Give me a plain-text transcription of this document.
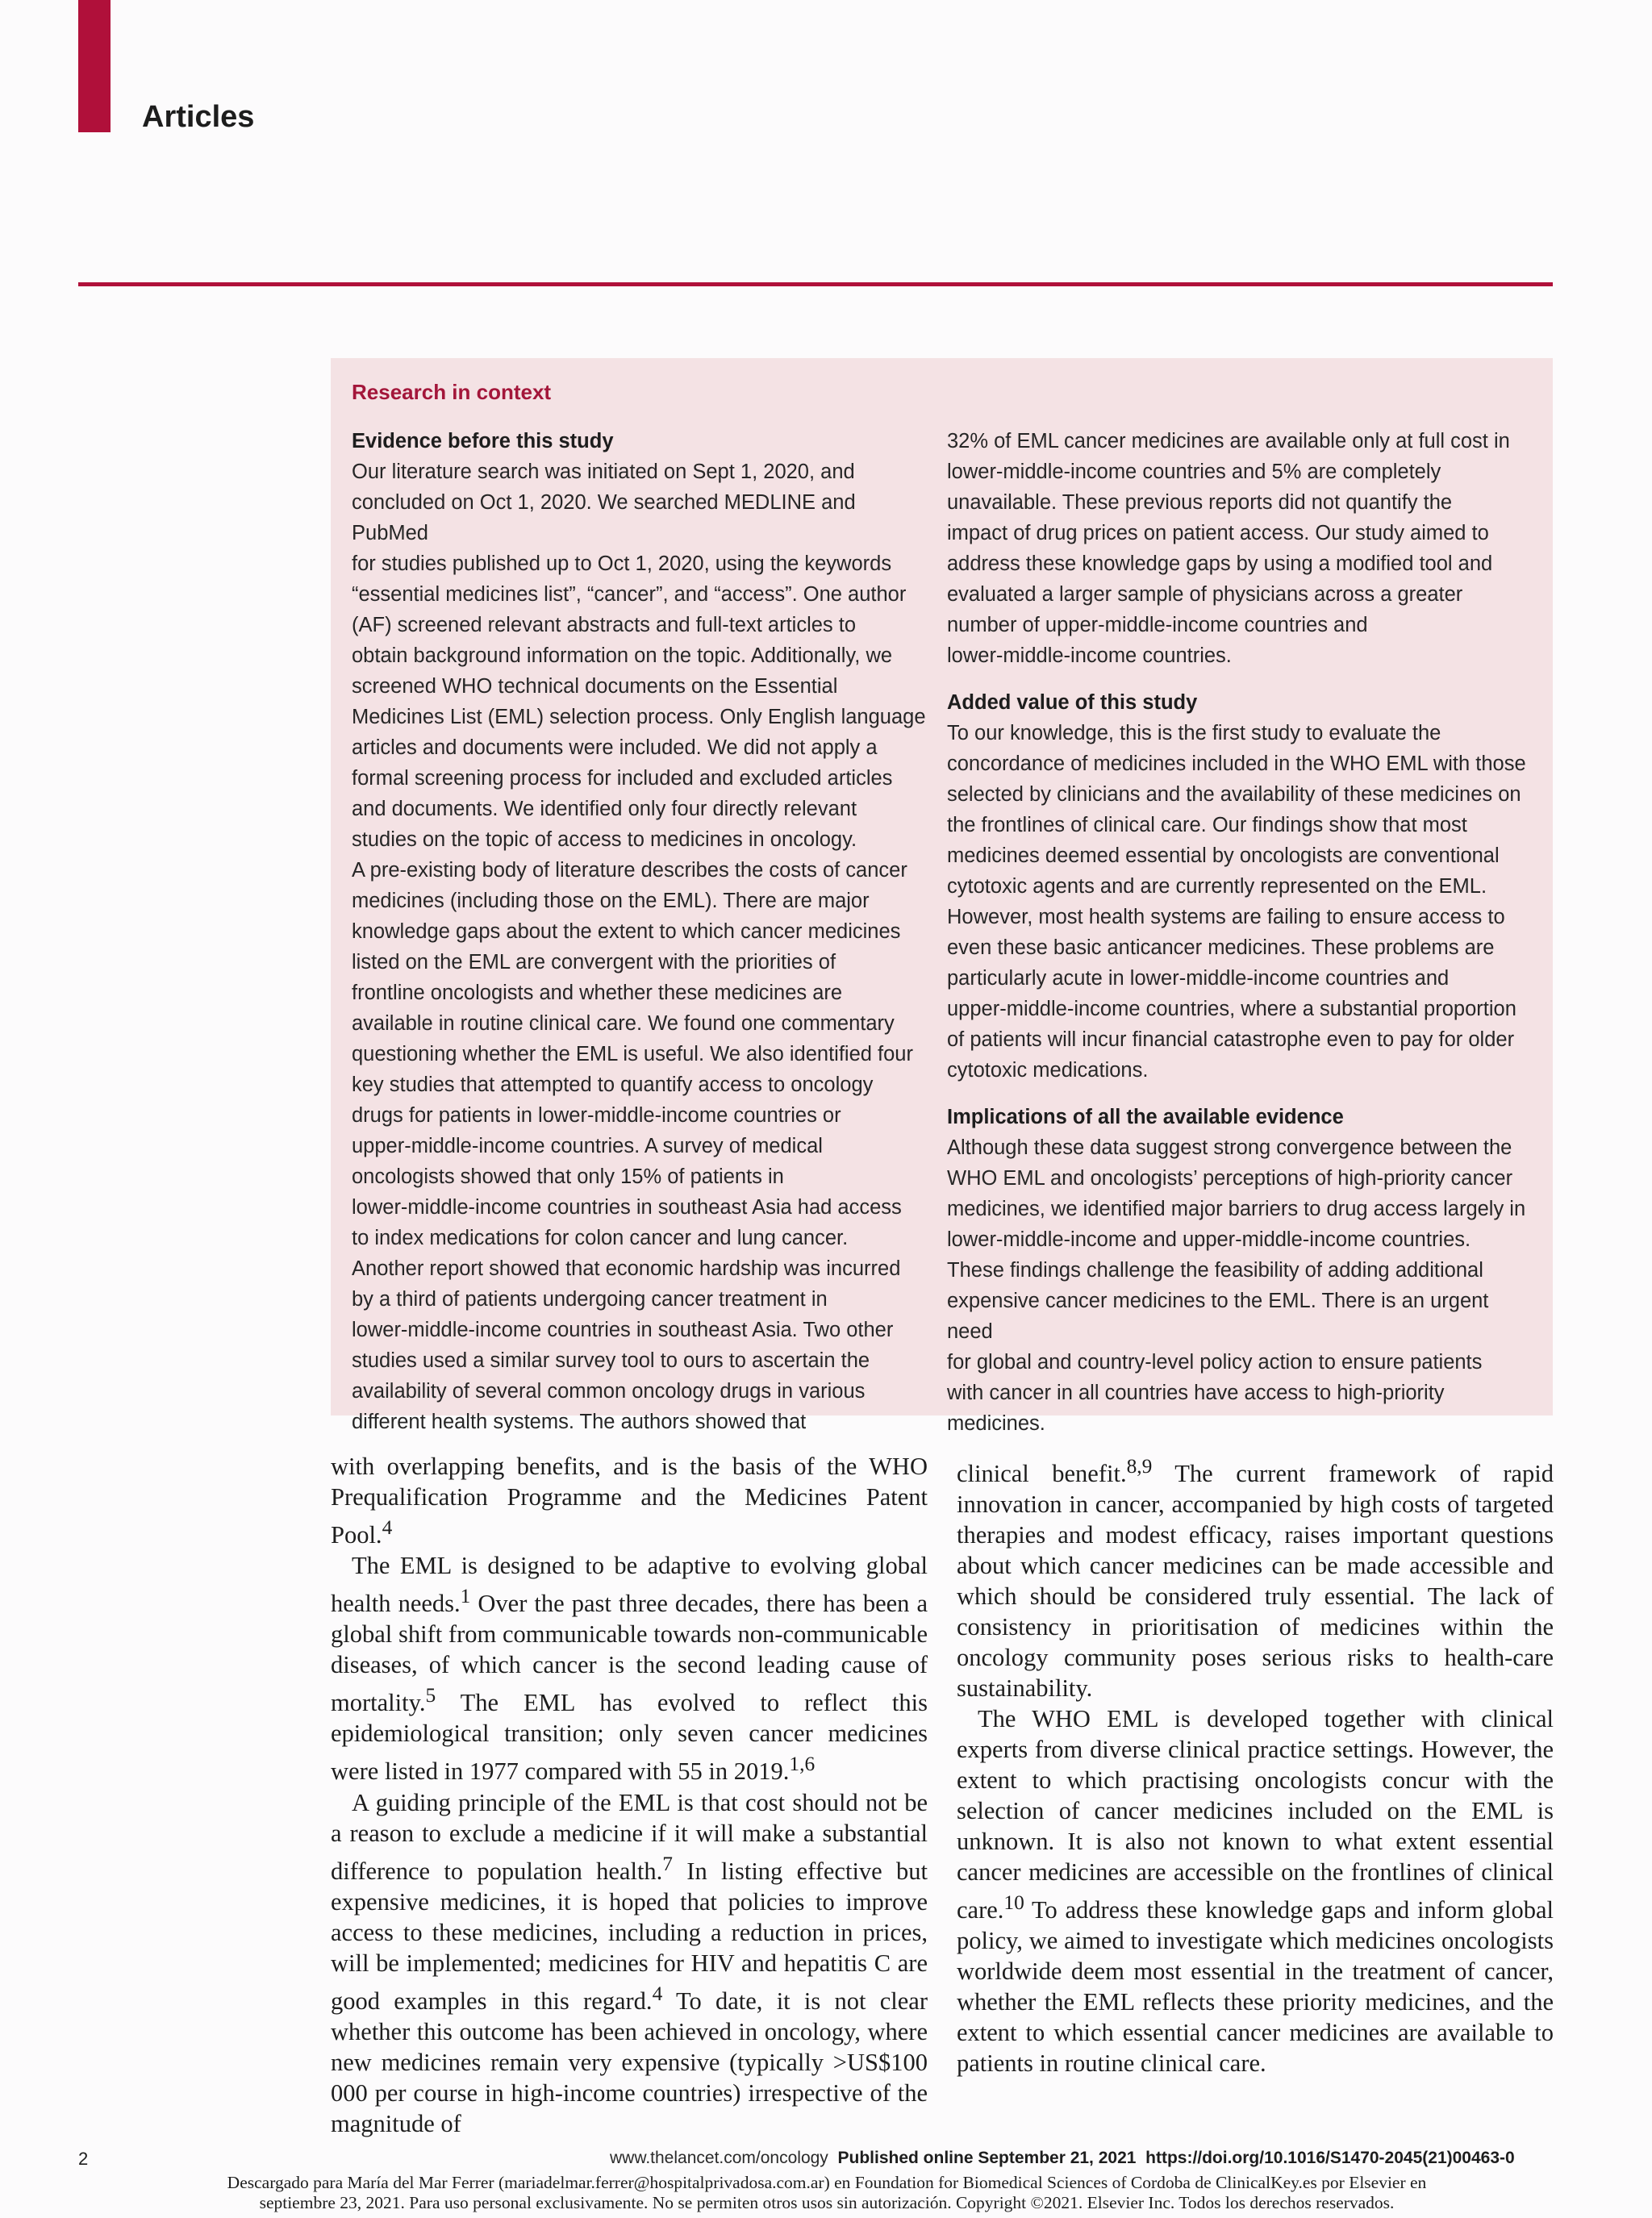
Articles
Research in context
Evidence before this study

Our literature search was initiated on Sept 1, 2020, and

concluded on Oct 1, 2020. We searched MEDLINE and PubMed

for studies published up to Oct 1, 2020, using the keywords

“essential medicines list”, “cancer”, and “access”. One author

(AF) screened relevant abstracts and full-text articles to

obtain background information on the topic. Additionally, we

screened WHO technical documents on the Essential

Medicines List (EML) selection process. Only English language

articles and documents were included. We did not apply a

formal screening process for included and excluded articles

and documents. We identified only four directly relevant

studies on the topic of access to medicines in oncology.

A pre-existing body of literature describes the costs of cancer

medicines (including those on the EML). There are major

knowledge gaps about the extent to which cancer medicines

listed on the EML are convergent with the priorities of

frontline oncologists and whether these medicines are

available in routine clinical care. We found one commentary

questioning whether the EML is useful. We also identified four

key studies that attempted to quantify access to oncology

drugs for patients in lower-middle-income countries or

upper-middle-income countries. A survey of medical

oncologists showed that only 15% of patients in

lower-middle-income countries in southeast Asia had access

to index medications for colon cancer and lung cancer.

Another report showed that economic hardship was incurred

by a third of patients undergoing cancer treatment in

lower-middle-income countries in southeast Asia. Two other

studies used a similar survey tool to ours to ascertain the

availability of several common oncology drugs in various

different health systems. The authors showed that

32% of EML cancer medicines are available only at full cost in

lower-middle-income countries and 5% are completely

unavailable. These previous reports did not quantify the

impact of drug prices on patient access. Our study aimed to

address these knowledge gaps by using a modified tool and

evaluated a larger sample of physicians across a greater

number of upper-middle-income countries and

lower-middle-income countries.

Added value of this study

To our knowledge, this is the first study to evaluate the

concordance of medicines included in the WHO EML with those

selected by clinicians and the availability of these medicines on

the frontlines of clinical care. Our findings show that most

medicines deemed essential by oncologists are conventional

cytotoxic agents and are currently represented on the EML.

However, most health systems are failing to ensure access to

even these basic anticancer medicines. These problems are

particularly acute in lower-middle-income countries and

upper-middle-income countries, where a substantial proportion

of patients will incur financial catastrophe even to pay for older

cytotoxic medications.

Implications of all the available evidence

Although these data suggest strong convergence between the

WHO EML and oncologists’ perceptions of high-priority cancer

medicines, we identified major barriers to drug access largely in

lower-middle-income and upper-middle-income countries.

These findings challenge the feasibility of adding additional

expensive cancer medicines to the EML. There is an urgent need

for global and country-level policy action to ensure patients

with cancer in all countries have access to high-priority

medicines.

with overlapping benefits, and is the basis of the WHO Prequalification Programme and the Medicines Patent Pool.$^4$

The EML is designed to be adaptive to evolving global health needs.$^1$ Over the past three decades, there has been a global shift from communicable towards non-communicable diseases, of which cancer is the second leading cause of mortality.$^5$ The EML has evolved to reflect this epidemiological transition; only seven cancer medicines were listed in 1977 compared with 55 in 2019.$^{1,6}$

A guiding principle of the EML is that cost should not be a reason to exclude a medicine if it will make a substantial difference to population health.$^7$ In listing effective but expensive medicines, it is hoped that policies to improve access to these medicines, including a reduction in prices, will be implemented; medicines for HIV and hepatitis C are good examples in this regard.$^4$ To date, it is not clear whether this outcome has been achieved in oncology, where new medicines remain very expensive (typically >US$100 000 per course in high-income countries) irrespective of the magnitude of

clinical benefit.$^{8,9}$ The current framework of rapid innovation in cancer, accompanied by high costs of targeted therapies and modest efficacy, raises important questions about which cancer medicines can be made accessible and which should be considered truly essential. The lack of consistency in prioritisation of medicines within the oncology community poses serious risks to health-care sustainability.

The WHO EML is developed together with clinical experts from diverse clinical practice settings. However, the extent to which practising oncologists concur with the selection of cancer medicines included on the EML is unknown. It is also not known to what extent essential cancer medicines are accessible on the frontlines of clinical care.$^{10}$ To address these knowledge gaps and inform global policy, we aimed to investigate which medicines oncologists worldwide deem most essential in the treatment of cancer, whether the EML reflects these priority medicines, and the extent to which essential cancer medicines are available to patients in routine clinical care.

2	www.thelancet.com/oncology Published online September 21, 2021 https://doi.org/10.1016/S1470-2045(21)00463-0

Descargado para María del Mar Ferrer (mariadelmar.ferrer@hospitalprivadosa.com.ar) en Foundation for Biomedical Sciences of Cordoba de ClinicalKey.es por Elsevier en
septiembre 23, 2021. Para uso personal exclusivamente. No se permiten otros usos sin autorización. Copyright ©2021. Elsevier Inc. Todos los derechos reservados.
